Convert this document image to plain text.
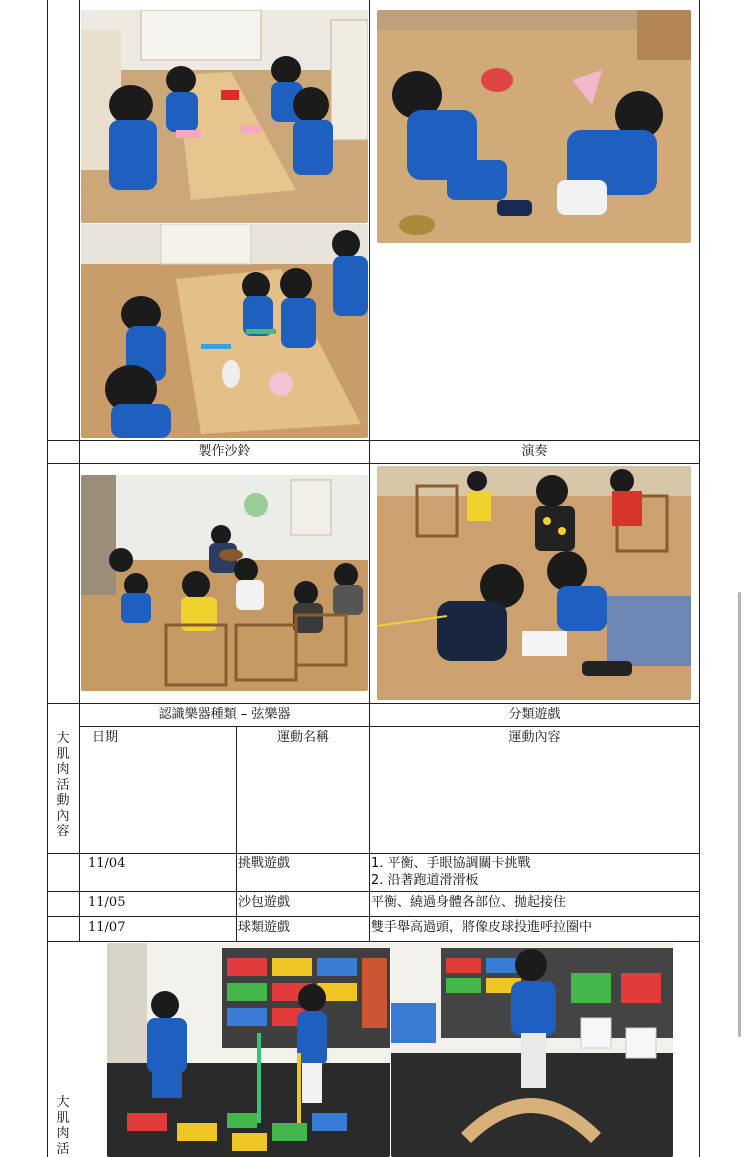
製作沙鈴	演奏
認識樂器種類 – 弦樂器	分類遊戲
大肌肉活動內容
大肌肉活
日期	運動名稱	運動內容
11/04	挑戰遊戲	1. 平衡、手眼協調關卡挑戰
2. 沿著跑道滑滑板
11/05	沙包遊戲	平衡、繞過身體各部位、拋起接住
11/07	球類遊戲	雙手舉高過頭，將像皮球投進呼拉圈中
